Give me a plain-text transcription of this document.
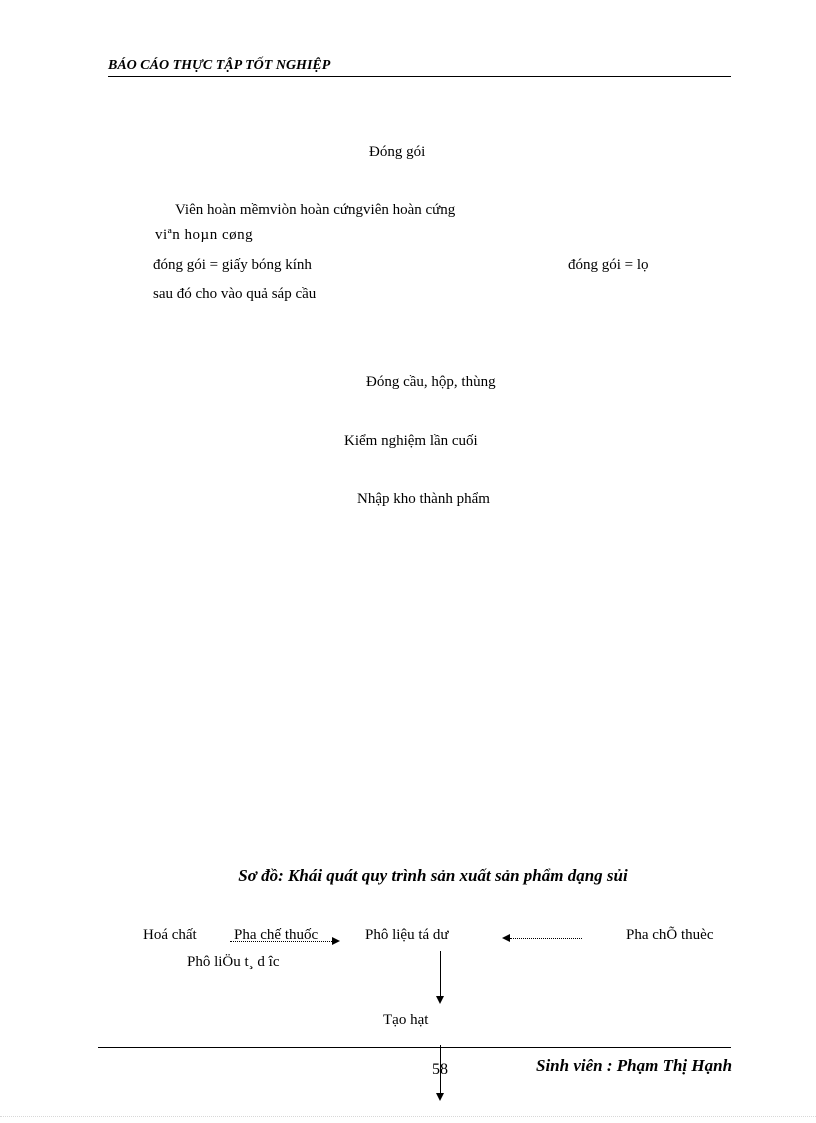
BÁO CÁO THỰC TẬP TỐT NGHIỆP
Đóng gói
Viên hoàn mềmviòn hoàn cứngviên hoàn cứng
viªn hoµn cøng
đóng gói = giấy bóng kính	đóng gói = lọ
sau đó cho vào quả sáp cầu
Đóng cầu, hộp, thùng
Kiểm nghiệm lần cuối
Nhập kho thành phẩm
Sơ đồ: Khái quát quy trình sản xuất sản phẩm dạng sủi
Hoá chất Pha chế thuốc	Phô liệu tá dư	Pha chÕ thuèc
Phô liÖu t¸ d îc
Tạo hạt
58	Sinh viên : Phạm Thị Hạnh
